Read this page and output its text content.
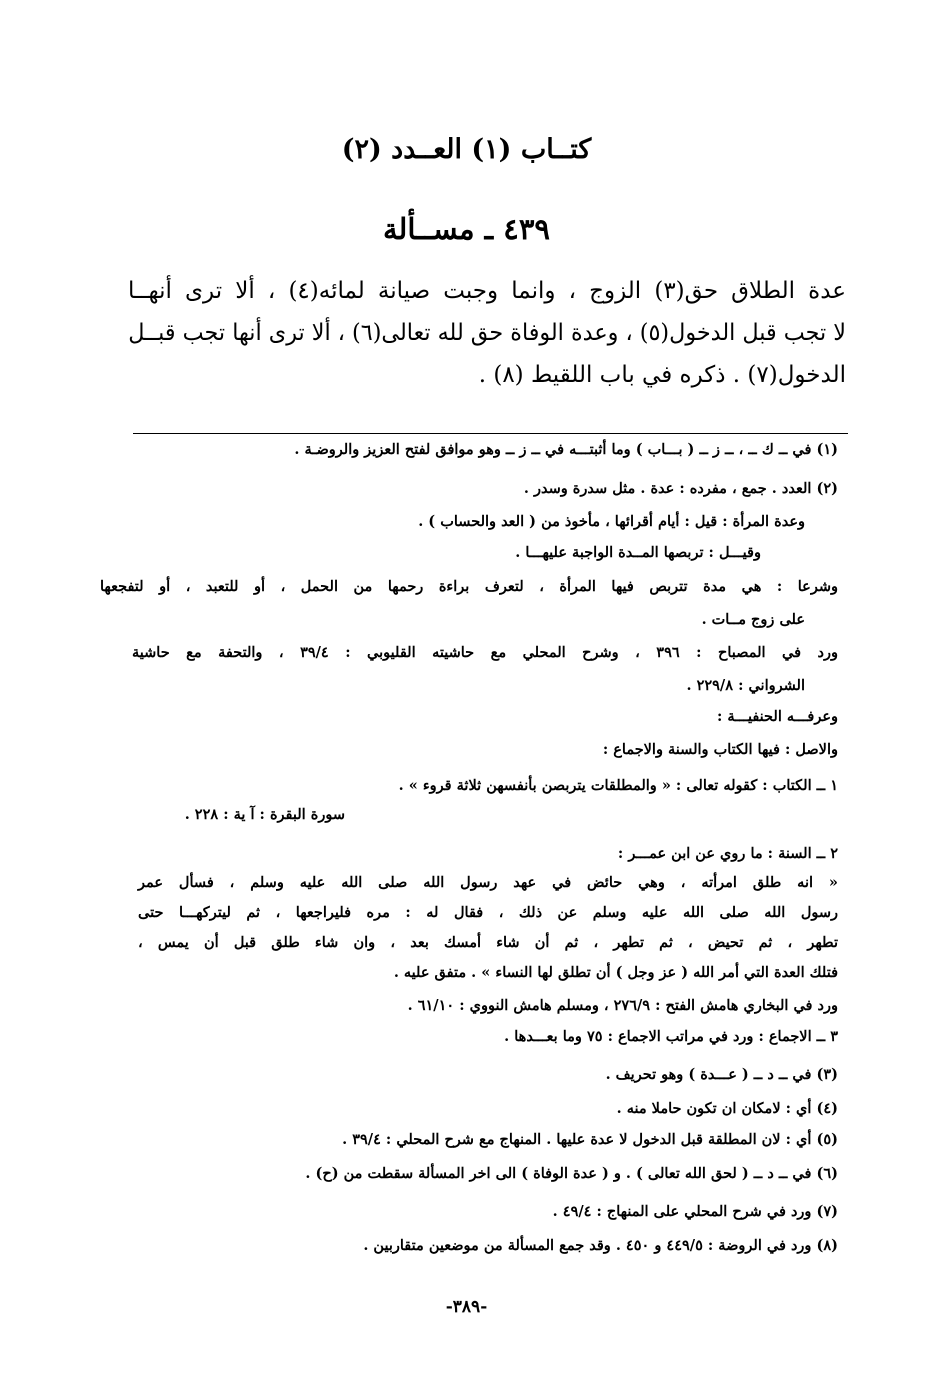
كتــاب (١) العــدد (٢)
٤٣٩ ـ مســألة
عدة الطلاق حق(٣) الزوج ، وانما وجبت صيانة لمائه(٤) ، ألا ترى أنهــا
لا تجب قبل الدخول(٥) ، وعدة الوفاة حق لله تعالى(٦) ، ألا ترى أنها تجب قبــل
الدخول(٧) . ذكره في باب اللقيط (٨) .
(١) في ــ ك ــ ، ــ ز ــ ( بـــاب ) وما أثبتـــه في ــ ز ــ وهو موافق لفتح العزيز والروضـة .
(٢) العدد . جمع ، مفرده : عدة . مثل سدرة وسدر .
وعدة المرأة : قيل : أيام أقرائها ، مأخوذ من ( العد والحساب ) .
وقيـــل : تربصها المــدة الواجبة عليهـــا .
وشرعا : هي مدة تتربص فيها المرأة ، لتعرف براءة رحمها من الحمل ، أو للتعبد ، أو لتفجعها
على زوج مــات .
ورد في المصباح : ٣٩٦ ، وشرح المحلي مع حاشيته القليوبي : ٣٩/٤ ، والتحفة مع حاشية
الشرواني : ٢٢٩/٨ .
وعرفـــه الحنفيـــة :
والاصل : فيها الكتاب والسنة والاجماع :
١ ــ الكتاب : كقوله تعالى : « والمطلقات يتربصن بأنفسهن ثلاثة قروء » .
سورة البقرة : آ ية : ٢٢٨ .
٢ ــ السنة : ما روي عن ابن عمـــر :
« انه طلق امرأته ، وهي حائض في عهد رسول الله صلى الله عليه وسلم ، فسأل عمر
رسول الله صلى الله عليه وسلم عن ذلك ، فقال له : مره فليراجعها ، ثم ليتركهـــا حتى
تطهر ، ثم تحيض ، ثم تطهر ، ثم أن شاء أمسك بعد ، وان شاء طلق قبل أن يمس ،
فتلك العدة التي أمر الله ( عز وجل ) أن تطلق لها النساء » . متفق عليه .
ورد في البخاري هامش الفتح : ٢٧٦/٩ ، ومسلم هامش النووي : ٦١/١٠ .
٣ ــ الاجماع : ورد في مراتب الاجماع : ٧٥ وما بعـــدها .
(٣) في ــ د ــ ( عـــدة ) وهو تحريف .
(٤) أي : لامكان ان تكون حاملا منه .
(٥) أي : لان المطلقة قبل الدخول لا عدة عليها . المنهاج مع شرح المحلي : ٣٩/٤ .
(٦) في ــ د ــ ( لحق الله تعالى ) . و ( عدة الوفاة ) الى اخر المسألة سقطت من (ح) .
(٧) ورد في شرح المحلي على المنهاج : ٤٩/٤ .
(٨) ورد في الروضة : ٤٤٩/٥ و ٤٥٠ . وقد جمع المسألة من موضعين متقاربين .
-٣٨٩-
